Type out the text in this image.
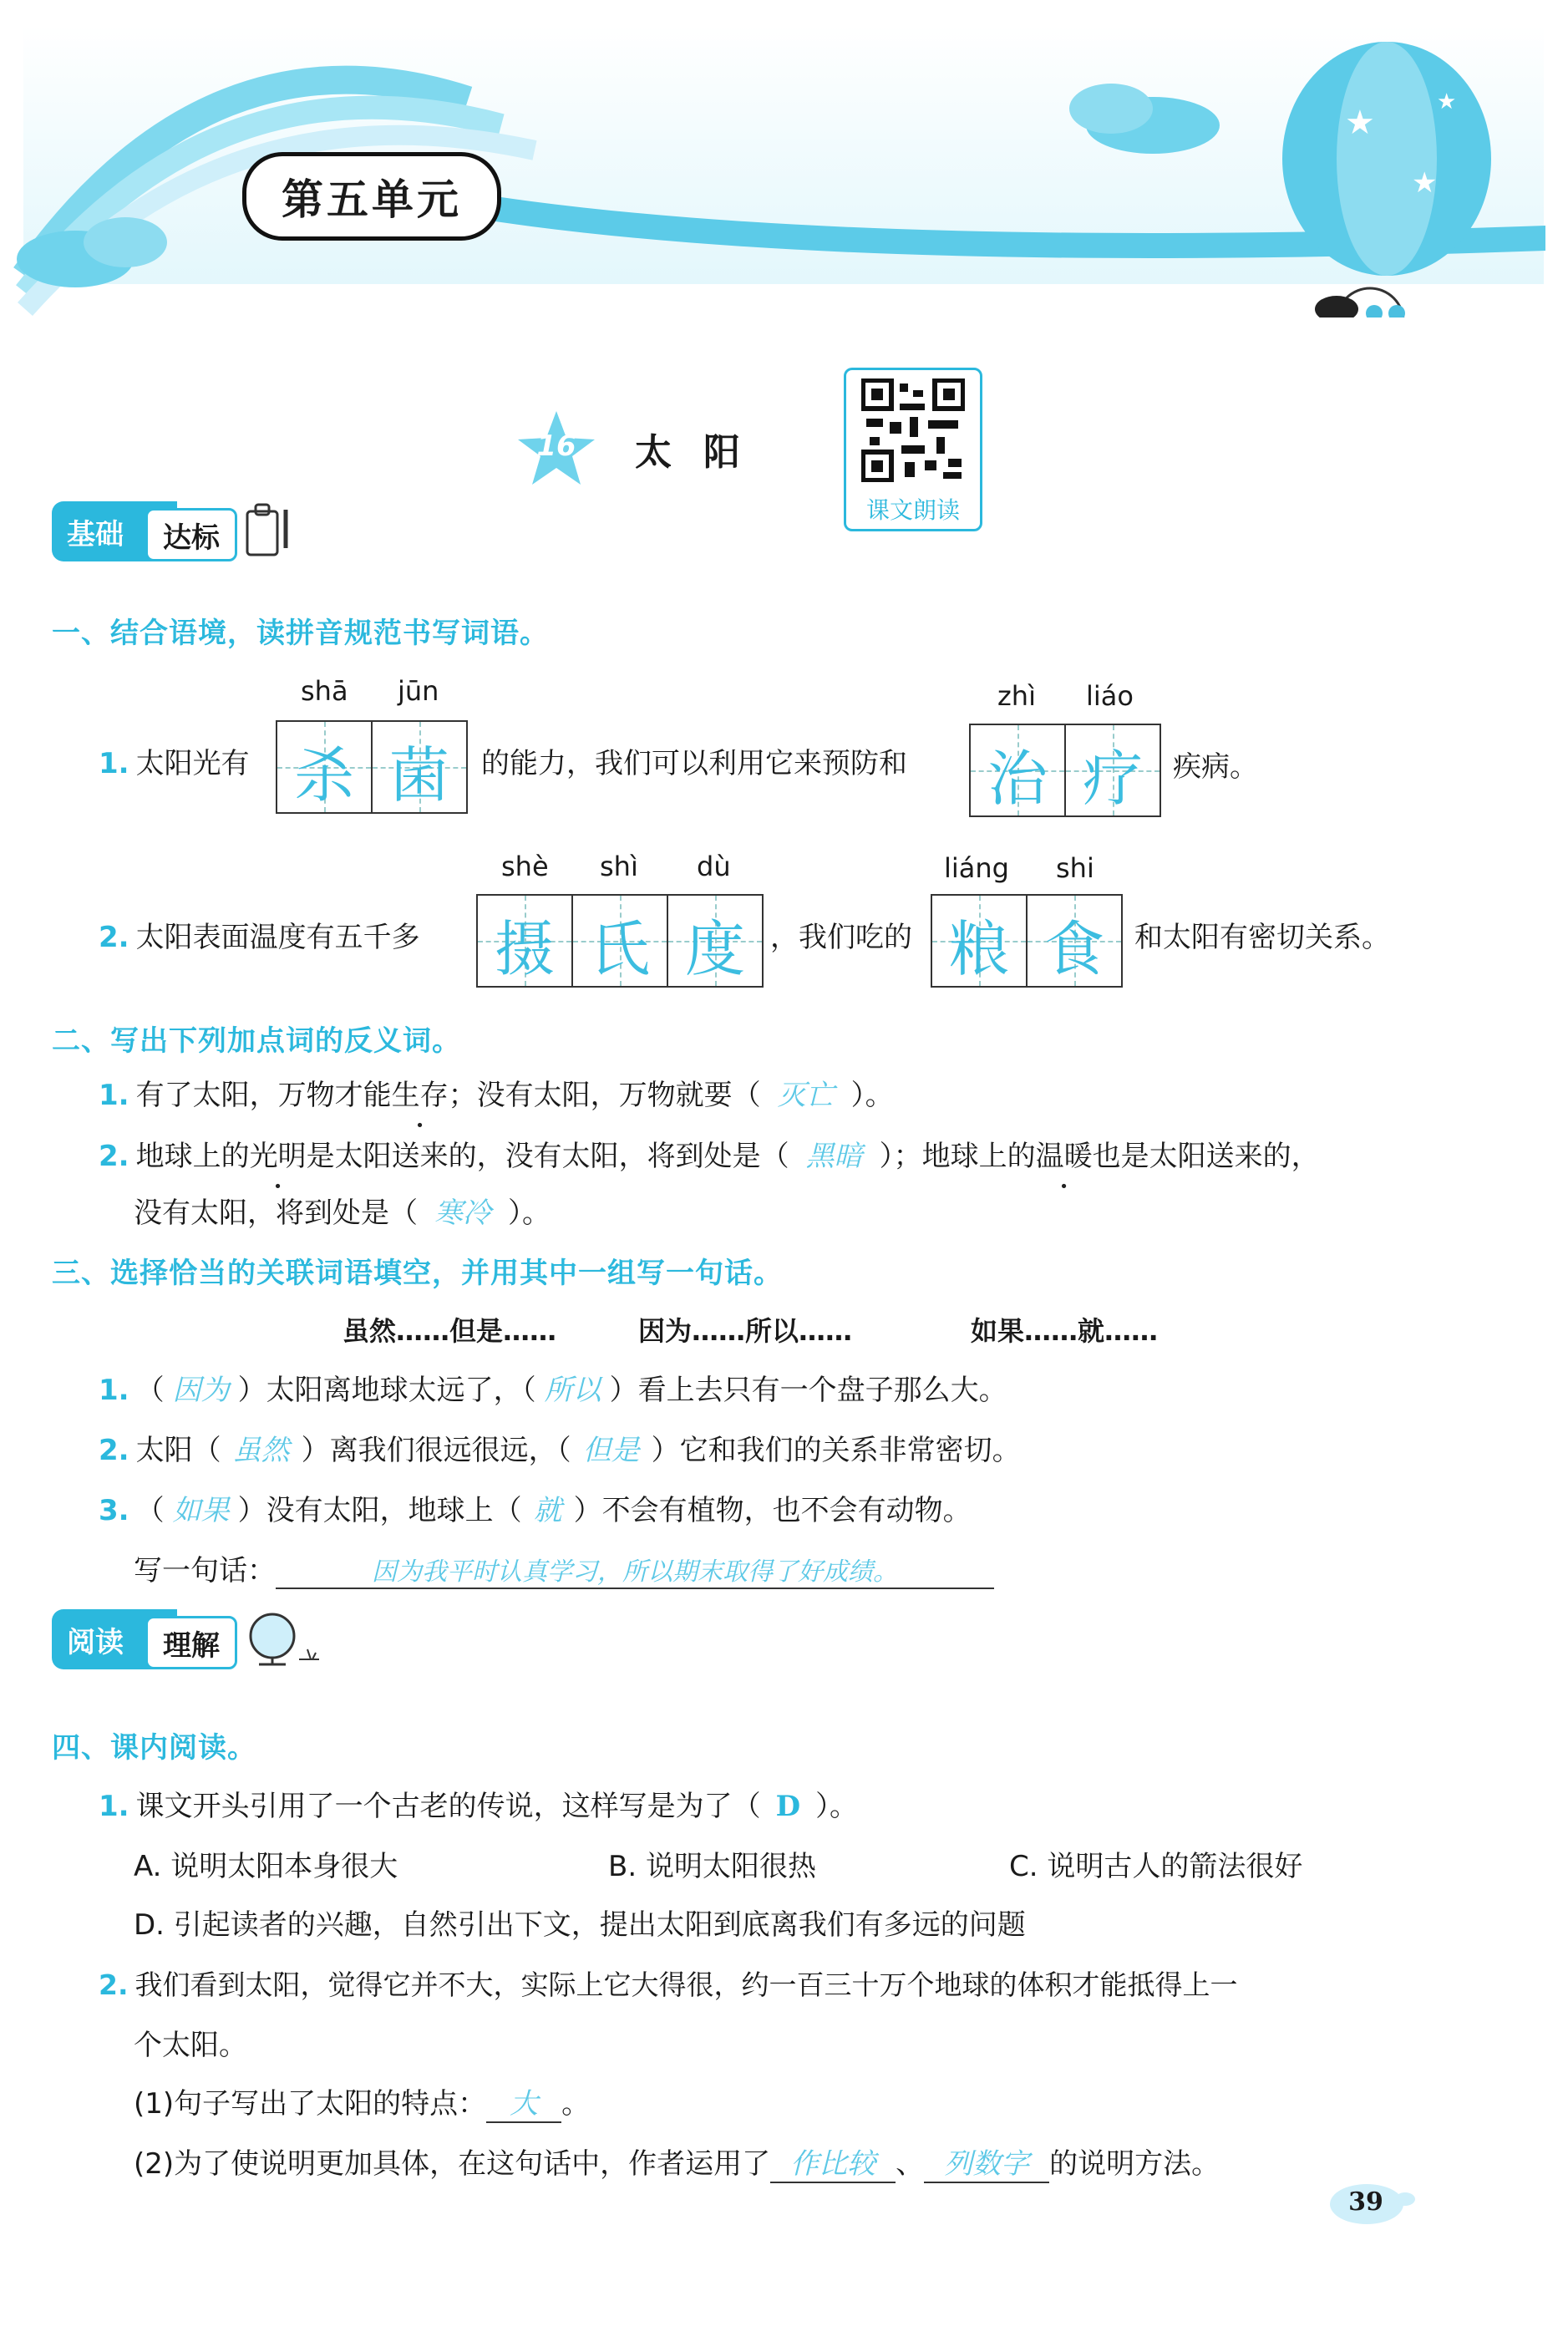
★
★
★
第五单元
16	太阳
课文朗读
基础	达标
一、结合语境，读拼音规范书写词语。
shā jūn
1. 太阳光有 杀 菌	的能力，我们可以利用它来预防和
zhì liáo
治 疗	疾病。
shè shì dù
2. 太阳表面温度有五千多 摄 氏 度 ，我们吃的
liáng shi
粮 食	和太阳有密切关系。
二、写出下列加点词的反义词。
1. 有了太阳，万物才能生存；没有太阳，万物就要（ 灭亡 ）。
2. 地球上的光明是太阳送来的，没有太阳，将到处是（ 黑暗 ）；地球上的温暖也是太阳送来的，
没有太阳，将到处是（ 寒冷 ）。
三、选择恰当的关联词语填空，并用其中一组写一句话。
虽然……但是……	因为……所以……	如果……就……
1. （ 因为 ）太阳离地球太远了，（ 所以 ）看上去只有一个盘子那么大。
2. 太阳（ 虽然 ）离我们很远很远，（ 但是 ）它和我们的关系非常密切。
3. （ 如果 ）没有太阳，地球上（ 就 ）不会有植物，也不会有动物。
写一句话：	因为我平时认真学习，所以期末取得了好成绩。
阅读	理解
四、课内阅读。
1. 课文开头引用了一个古老的传说，这样写是为了（ D ）。
A. 说明太阳本身很大	B. 说明太阳很热	C. 说明古人的箭法很好
D. 引起读者的兴趣，自然引出下文，提出太阳到底离我们有多远的问题
2. 我们看到太阳，觉得它并不大，实际上它大得很，约一百三十万个地球的体积才能抵得上一
个太阳。
(1)句子写出了太阳的特点： 大 。
(2)为了使说明更加具体，在这句话中，作者运用了 作比较 、 列数字 的说明方法。
39
